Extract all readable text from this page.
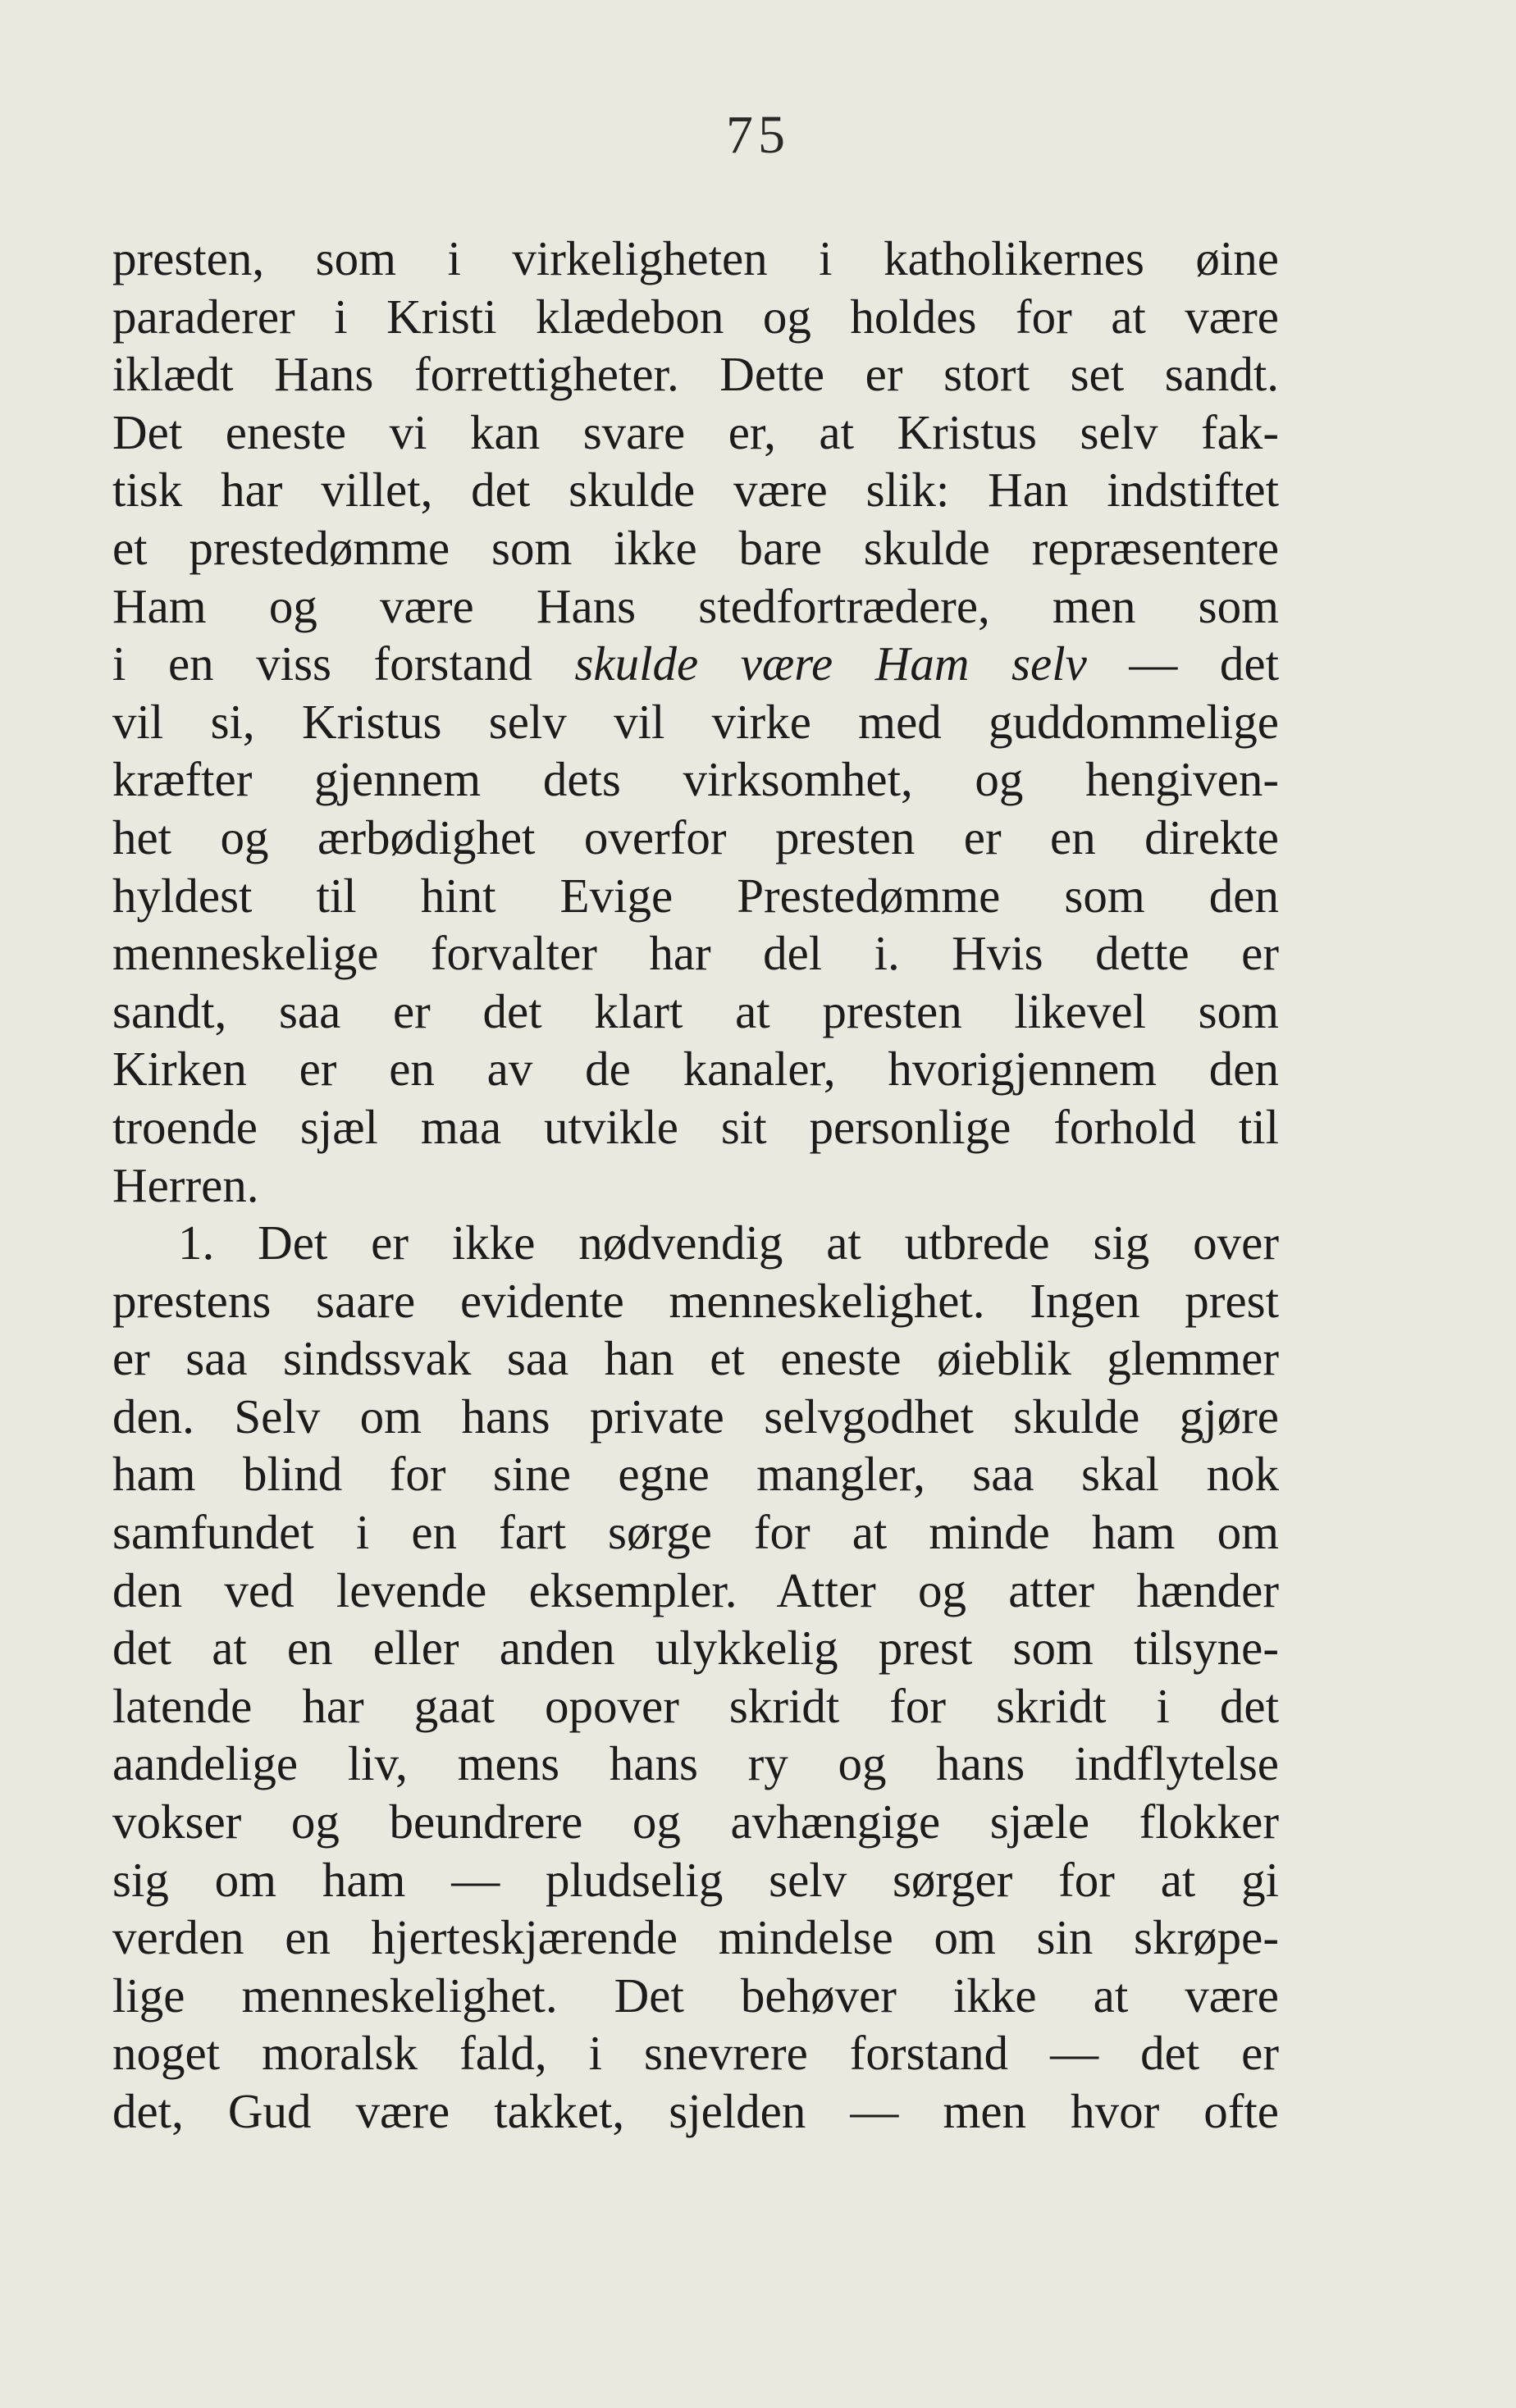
75
presten, som i virkeligheten i katholikernes øine
paraderer i Kristi klædebon og holdes for at være
iklædt Hans forrettigheter. Dette er stort set sandt.
Det eneste vi kan svare er, at Kristus selv fak-
tisk har villet, det skulde være slik: Han indstiftet
et prestedømme som ikke bare skulde repræsentere
Ham og være Hans stedfortrædere, men som
i en viss forstand skulde være Ham selv — det
vil si, Kristus selv vil virke med guddommelige
kræfter gjennem dets virksomhet, og hengiven-
het og ærbødighet overfor presten er en direkte
hyldest til hint Evige Prestedømme som den
menneskelige forvalter har del i. Hvis dette er
sandt, saa er det klart at presten likevel som
Kirken er en av de kanaler, hvorigjennem den
troende sjæl maa utvikle sit personlige forhold til
Herren.
1. Det er ikke nødvendig at utbrede sig over
prestens saare evidente menneskelighet. Ingen prest
er saa sindssvak saa han et eneste øieblik glemmer
den. Selv om hans private selvgodhet skulde gjøre
ham blind for sine egne mangler, saa skal nok
samfundet i en fart sørge for at minde ham om
den ved levende eksempler. Atter og atter hænder
det at en eller anden ulykkelig prest som tilsyne-
latende har gaat opover skridt for skridt i det
aandelige liv, mens hans ry og hans indflytelse
vokser og beundrere og avhængige sjæle flokker
sig om ham — pludselig selv sørger for at gi
verden en hjerteskjærende mindelse om sin skrøpe-
lige menneskelighet. Det behøver ikke at være
noget moralsk fald, i snevrere forstand — det er
det, Gud være takket, sjelden — men hvor ofte
